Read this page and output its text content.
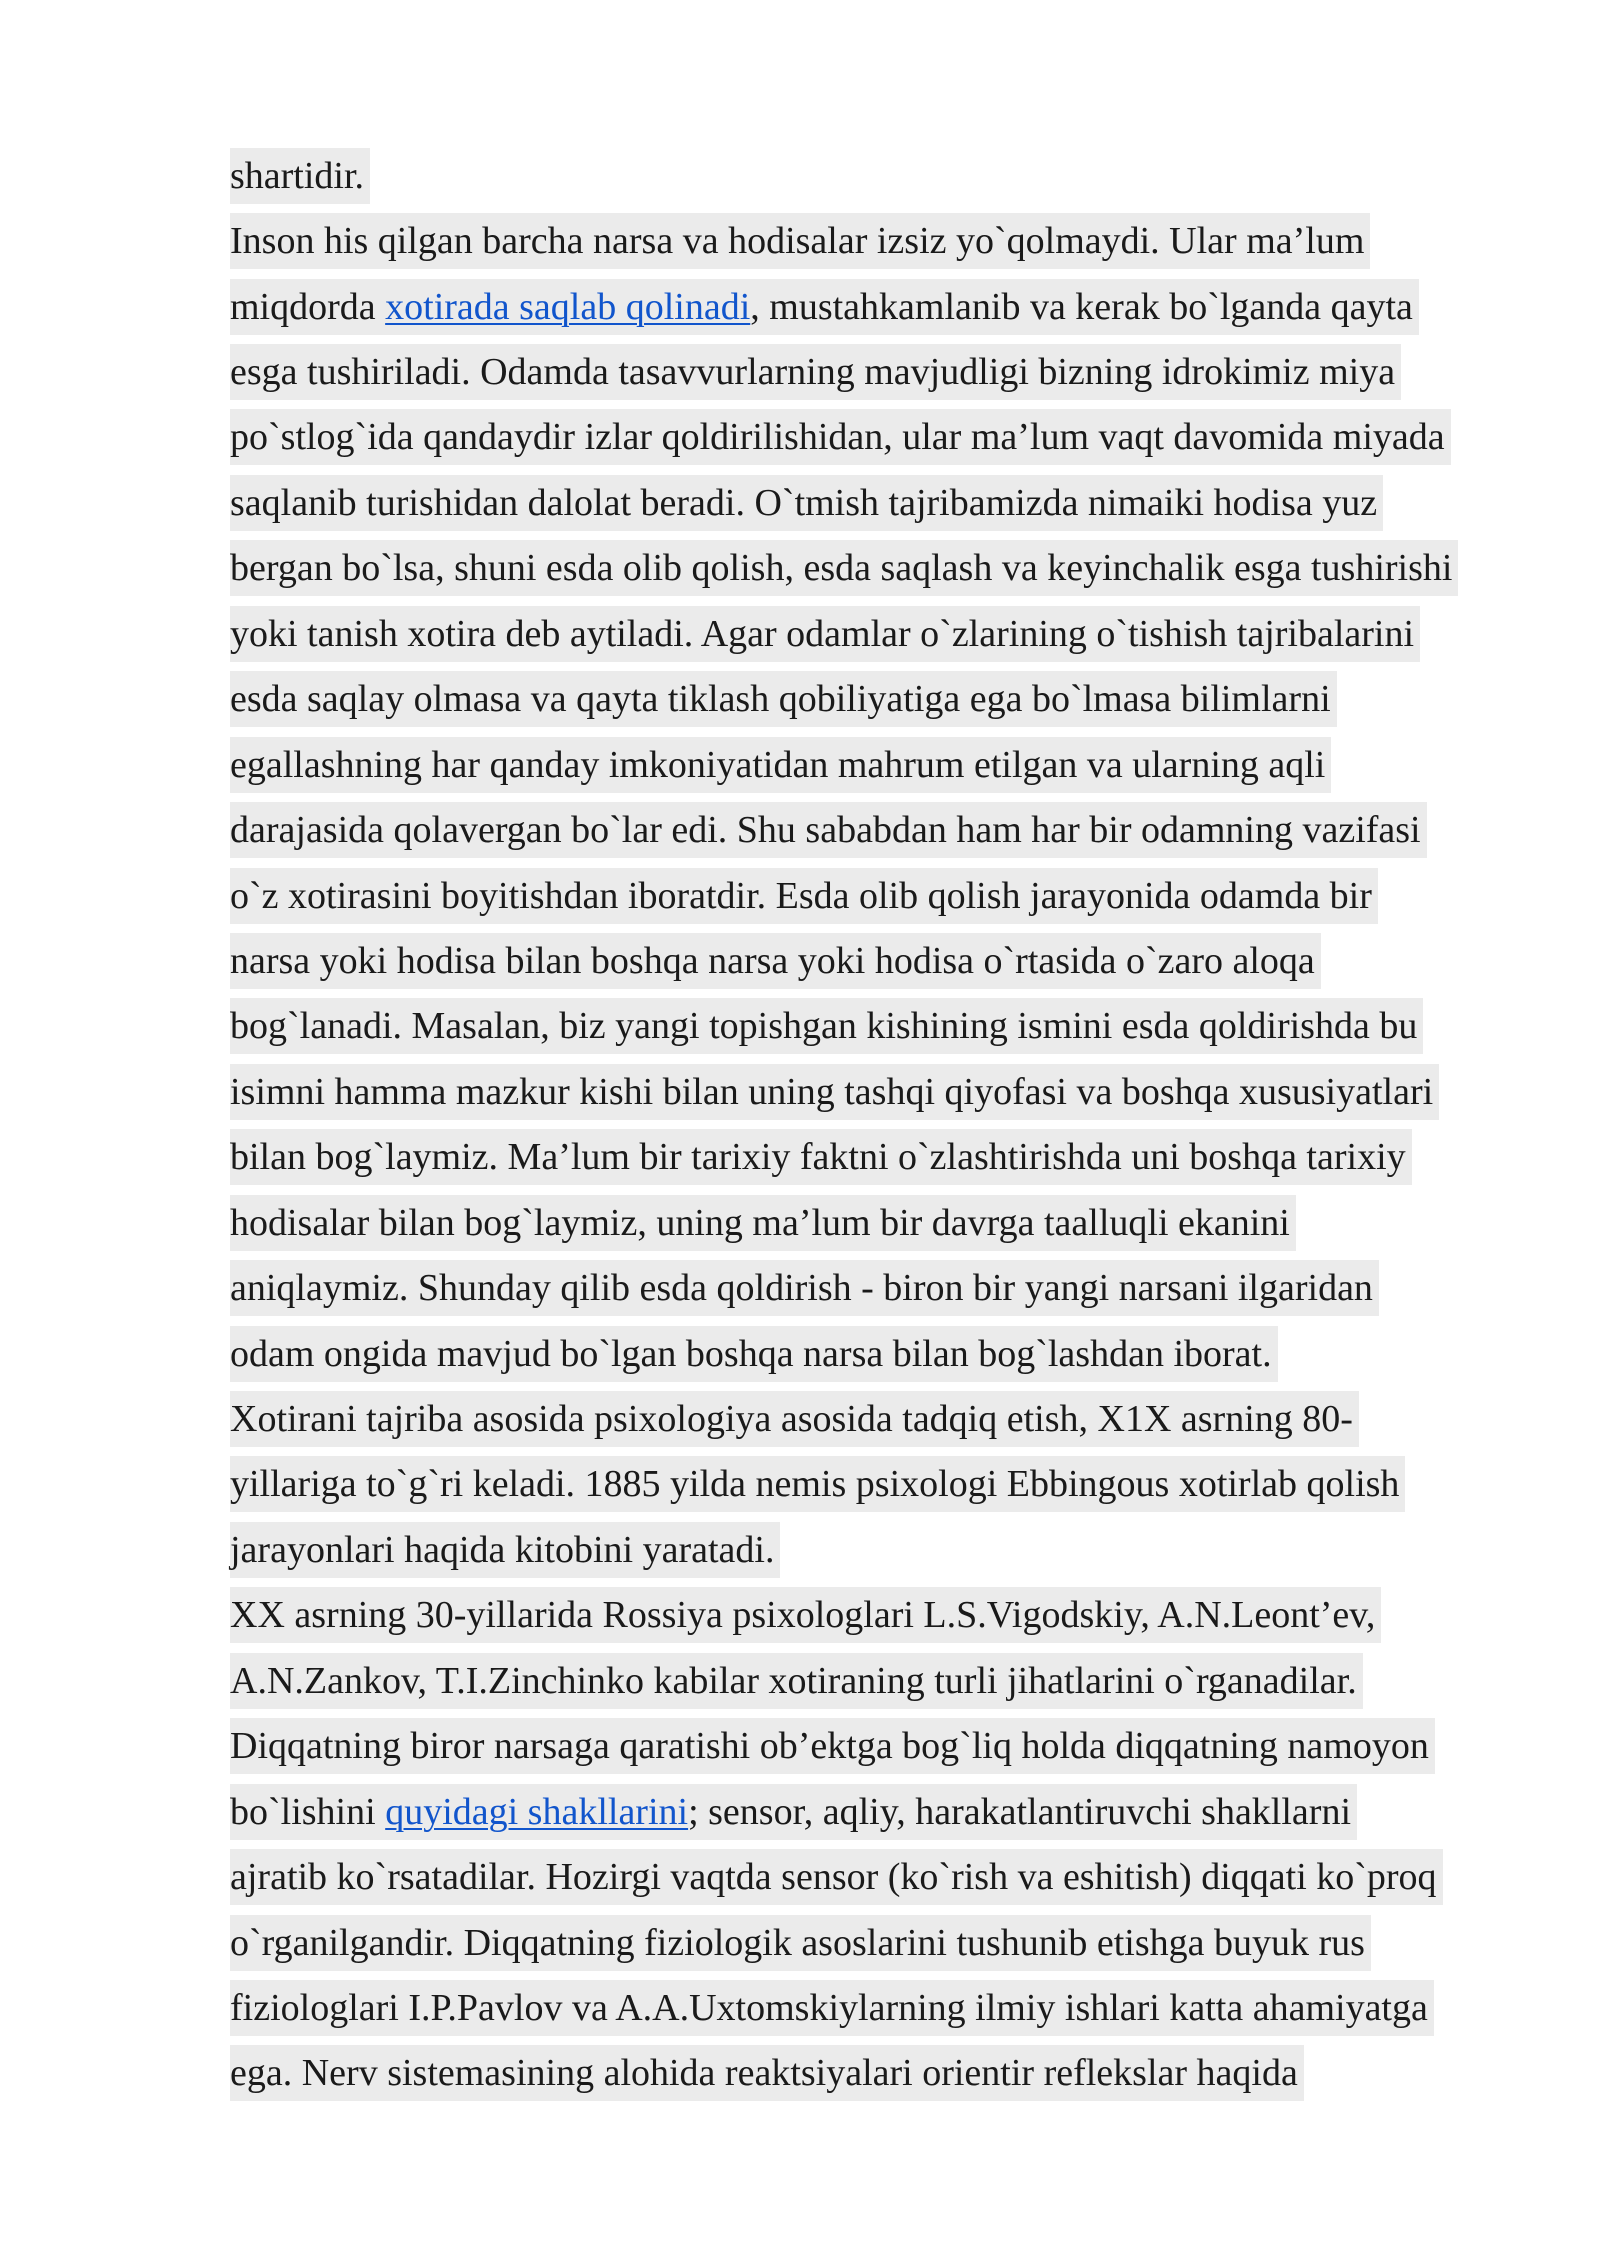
shartidir.
Inson his qilgan barcha narsa va hodisalar izsiz yo`qolmaydi. Ular ma’lum
miqdorda xotirada saqlab qolinadi, mustahkamlanib va kerak bo`lganda qayta
esga tushiriladi. Odamda tasavvurlarning mavjudligi bizning idrokimiz miya
po`stlog`ida qandaydir izlar qoldirilishidan, ular ma’lum vaqt davomida miyada
saqlanib turishidan dalolat beradi. O`tmish tajribamizda nimaiki hodisa yuz
bergan bo`lsa, shuni esda olib qolish, esda saqlash va keyinchalik esga tushirishi
yoki tanish xotira deb aytiladi. Agar odamlar o`zlarining o`tishish tajribalarini
esda saqlay olmasa va qayta tiklash qobiliyatiga ega bo`lmasa bilimlarni
egallashning har qanday imkoniyatidan mahrum etilgan va ularning aqli
darajasida qolavergan bo`lar edi. Shu sababdan ham har bir odamning vazifasi
o`z xotirasini boyitishdan iboratdir. Esda olib qolish jarayonida odamda bir
narsa yoki hodisa bilan boshqa narsa yoki hodisa o`rtasida o`zaro aloqa
bog`lanadi. Masalan, biz yangi topishgan kishining ismini esda qoldirishda bu
isimni hamma mazkur kishi bilan uning tashqi qiyofasi va boshqa xususiyatlari
bilan bog`laymiz. Ma’lum bir tarixiy faktni o`zlashtirishda uni boshqa tarixiy
hodisalar bilan bog`laymiz, uning ma’lum bir davrga taalluqli ekanini
aniqlaymiz. Shunday qilib esda qoldirish - biron bir yangi narsani ilgaridan
odam ongida mavjud bo`lgan boshqa narsa bilan bog`lashdan iborat.
Xotirani tajriba asosida psixologiya asosida tadqiq etish, X1X asrning 80-
yillariga to`g`ri keladi. 1885 yilda nemis psixologi Ebbingous xotirlab qolish
jarayonlari haqida kitobini yaratadi.
XX asrning 30-yillarida Rossiya psixologlari L.S.Vigodskiy, A.N.Leont’ev,
A.N.Zankov, T.I.Zinchinko kabilar xotiraning turli jihatlarini o`rganadilar.
Diqqatning biror narsaga qaratishi ob’ektga bog`liq holda diqqatning namoyon
bo`lishini quyidagi shakllarini; sensor, aqliy, harakatlantiruvchi shakllarni
ajratib ko`rsatadilar. Hozirgi vaqtda sensor (ko`rish va eshitish) diqqati ko`proq
o`rganilgandir. Diqqatning fiziologik asoslarini tushunib etishga buyuk rus
fiziologlari I.P.Pavlov va A.A.Uxtomskiylarning ilmiy ishlari katta ahamiyatga
ega. Nerv sistemasining alohida reaktsiyalari orientir reflekslar haqida
